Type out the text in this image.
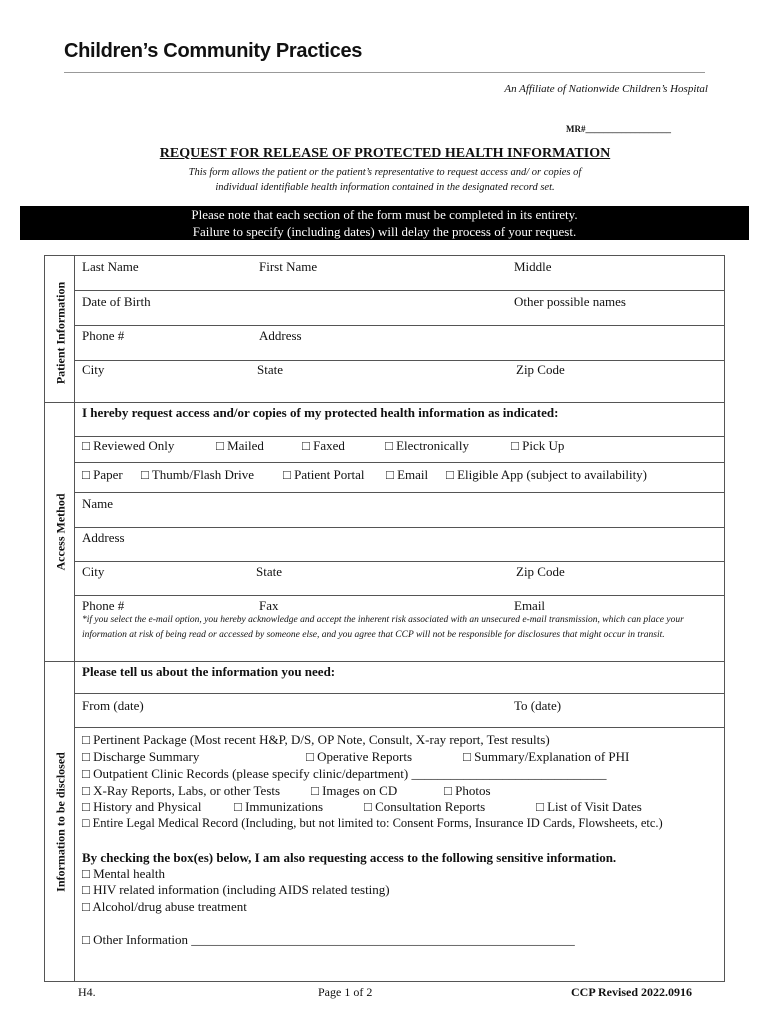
Children’s Community Practices
An Affiliate of Nationwide Children’s Hospital
MR#___________________
REQUEST FOR RELEASE OF PROTECTED HEALTH INFORMATION
This form allows the patient or the patient’s representative to request access and/ or copies of
individual identifiable health information contained in the designated record set.
Please note that each section of the form must be completed in its entirety.
Failure to specify (including dates) will delay the process of your request.
Patient Information
Access Method
Information to be disclosed
Last Name	First Name	Middle
Date of Birth	Other possible names
Phone #	Address
City	State	Zip Code
I hereby request access and/or copies of my protected health information as indicated:
□ Reviewed Only	□ Mailed	□ Faxed	□ Electronically	□ Pick Up
□ Paper □ Thumb/Flash Drive □ Patient Portal □ Email □ Eligible App (subject to availability)
Name
Address
City	State	Zip Code
Phone #	Fax	Email
*if you select the e-mail option, you hereby acknowledge and accept the inherent risk associated with an unsecured e-mail transmission, which can place your information at risk of being read or accessed by someone else, and you agree that CCP will not be responsible for disclosures that might occur in transit.
Please tell us about the information you need:
From (date)	To (date)
□ Pertinent Package (Most recent H&P, D/S, OP Note, Consult, X-ray report, Test results)
□ Discharge Summary	□ Operative Reports	□ Summary/Explanation of PHI
□ Outpatient Clinic Records (please specify clinic/department) ______________________________
□ X-Ray Reports, Labs, or other Tests □ Images on CD	□ Photos
□ History and Physical	□ Immunizations	□ Consultation Reports	□ List of Visit Dates
□ Entire Legal Medical Record (Including, but not limited to: Consent Forms, Insurance ID Cards, Flowsheets, etc.)
By checking the box(es) below, I am also requesting access to the following sensitive information.
□ Mental health
□ HIV related information (including AIDS related testing)
□ Alcohol/drug abuse treatment
□ Other Information ___________________________________________________________
H4.	Page 1 of 2	CCP Revised 2022.0916
